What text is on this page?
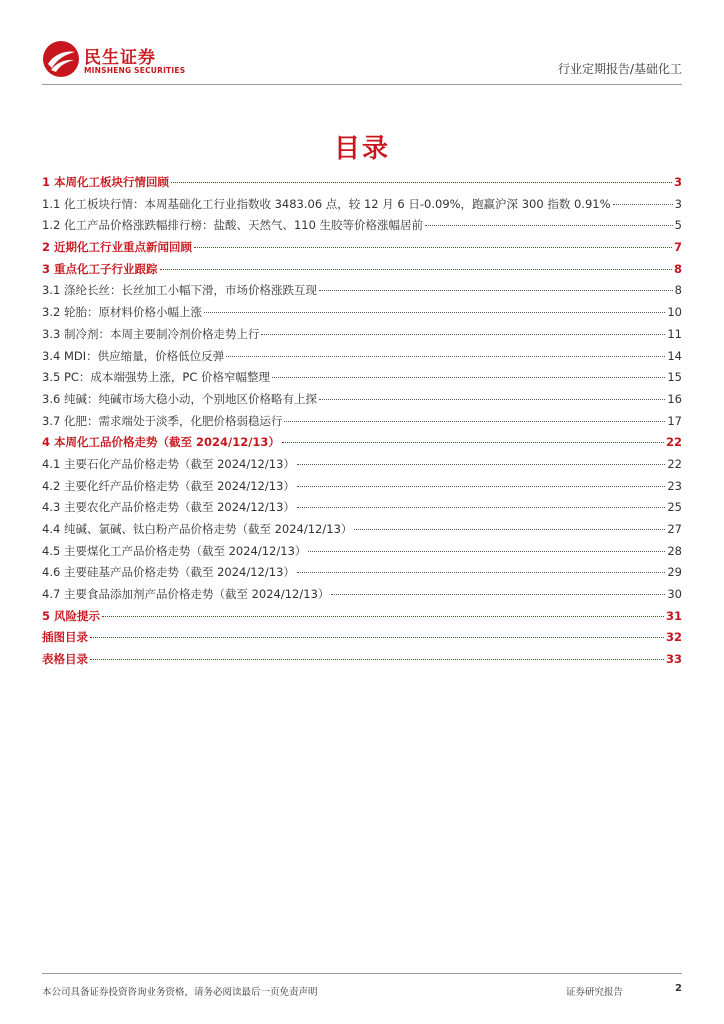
民生证券
MINSHENG SECURITIES	行业定期报告/基础化工
目录
1 本周化工板块行情回顾	3
1.1 化工板块行情：本周基础化工行业指数收 3483.06 点，较 12 月 6 日-0.09%，跑赢沪深 300 指数 0.91%	3
1.2 化工产品价格涨跌幅排行榜：盐酸、天然气、110 生胶等价格涨幅居前	5
2 近期化工行业重点新闻回顾	7
3 重点化工子行业跟踪	8
3.1 涤纶长丝：长丝加工小幅下滑，市场价格涨跌互现	8
3.2 轮胎：原材料价格小幅上涨	10
3.3 制冷剂：本周主要制冷剂价格走势上行	11
3.4 MDI：供应缩量，价格低位反弹	14
3.5 PC：成本端强势上涨，PC 价格窄幅整理	15
3.6 纯碱：纯碱市场大稳小动，个别地区价格略有上探	16
3.7 化肥：需求端处于淡季，化肥价格弱稳运行	17
4 本周化工品价格走势（截至 2024/12/13）	22
4.1 主要石化产品价格走势（截至 2024/12/13）	22
4.2 主要化纤产品价格走势（截至 2024/12/13）	23
4.3 主要农化产品价格走势（截至 2024/12/13）	25
4.4 纯碱、氯碱、钛白粉产品价格走势（截至 2024/12/13）	27
4.5 主要煤化工产品价格走势（截至 2024/12/13）	28
4.6 主要硅基产品价格走势（截至 2024/12/13）	29
4.7 主要食品添加剂产品价格走势（截至 2024/12/13）	30
5 风险提示	31
插图目录	32
表格目录	33
本公司具备证券投资咨询业务资格，请务必阅读最后一页免责声明	证券研究报告	2
